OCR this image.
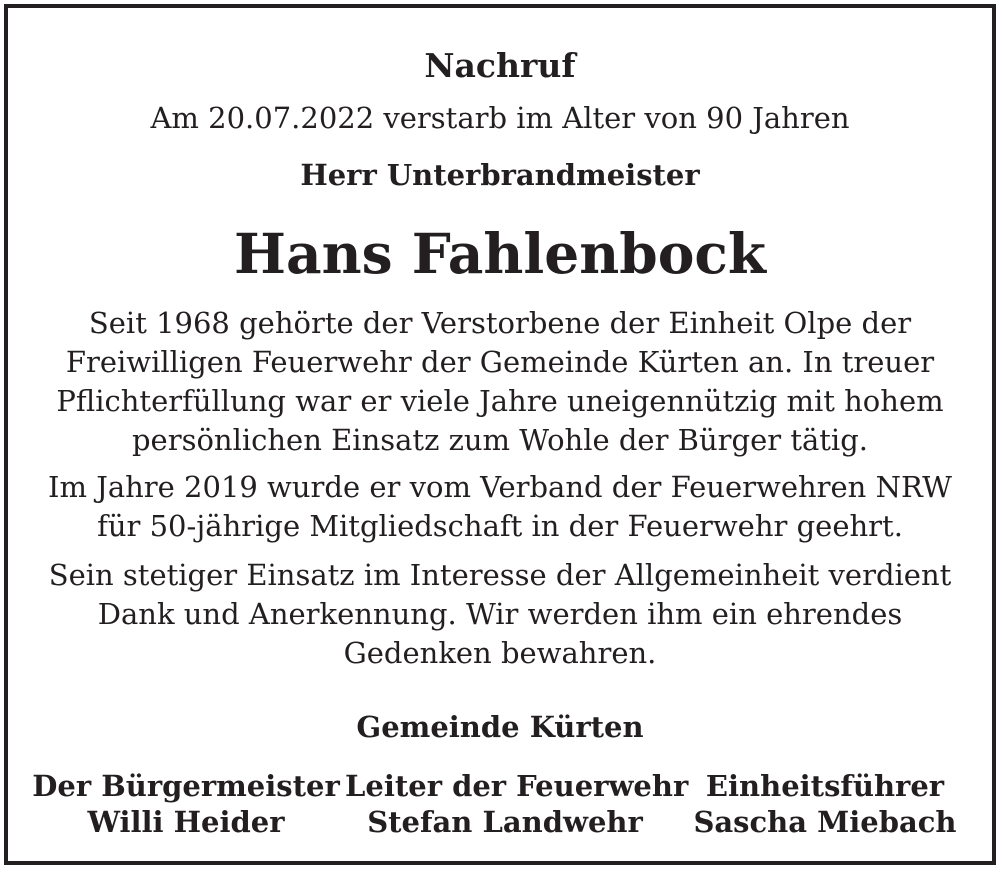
Nachruf
Am 20.07.2022 verstarb im Alter von 90 Jahren
Herr Unterbrandmeister
Hans Fahlenbock
Seit 1968 gehörte der Verstorbene der Einheit Olpe der Freiwilligen Feuerwehr der Gemeinde Kürten an. In treuer Pflichterfüllung war er viele Jahre uneigennützig mit hohem persönlichen Einsatz zum Wohle der Bürger tätig.
Im Jahre 2019 wurde er vom Verband der Feuerwehren NRW für 50-jährige Mitgliedschaft in der Feuerwehr geehrt.
Sein stetiger Einsatz im Interesse der Allgemeinheit verdient Dank und Anerkennung. Wir werden ihm ein ehrendes Gedenken bewahren.
Gemeinde Kürten
Der Bürgermeister
Willi Heider
Leiter der Feuerwehr
Stefan Landwehr
Einheitsführer
Sascha Miebach
